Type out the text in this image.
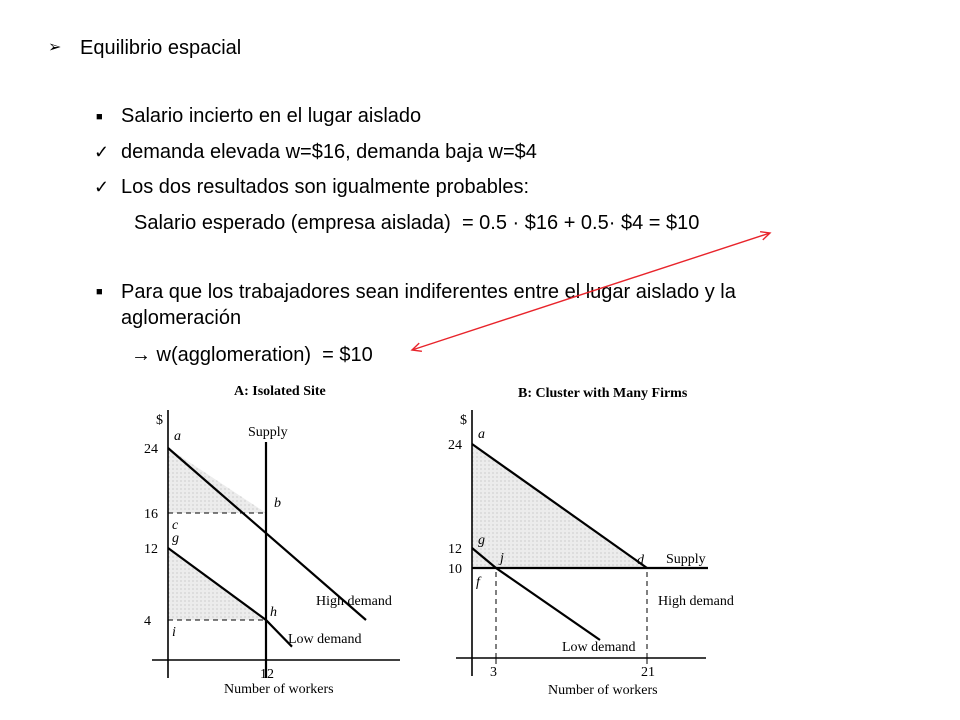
➢ Equilibrio espacial
■ Salario incierto en el lugar aislado
✓ demanda elevada w=$16, demanda baja w=$4
✓ Los dos resultados son igualmente probables:
Salario esperado (empresa aislada)  = 0.5 · $16 + 0.5· $4 = $10
■ Para que los trabajadores sean indiferentes entre el lugar aislado y la
aglomeración
→ w(agglomeration)  = $10
A: Isolated Site
Number of workers
$
24
16
12
4
12
High demand
Low demand
Supply
a
b
c
g
h
i
B: Cluster with Many Firms
Number of workers
$
24
12
10
3	21
High demand
Low demand
Supply
a
g
j	d
f
